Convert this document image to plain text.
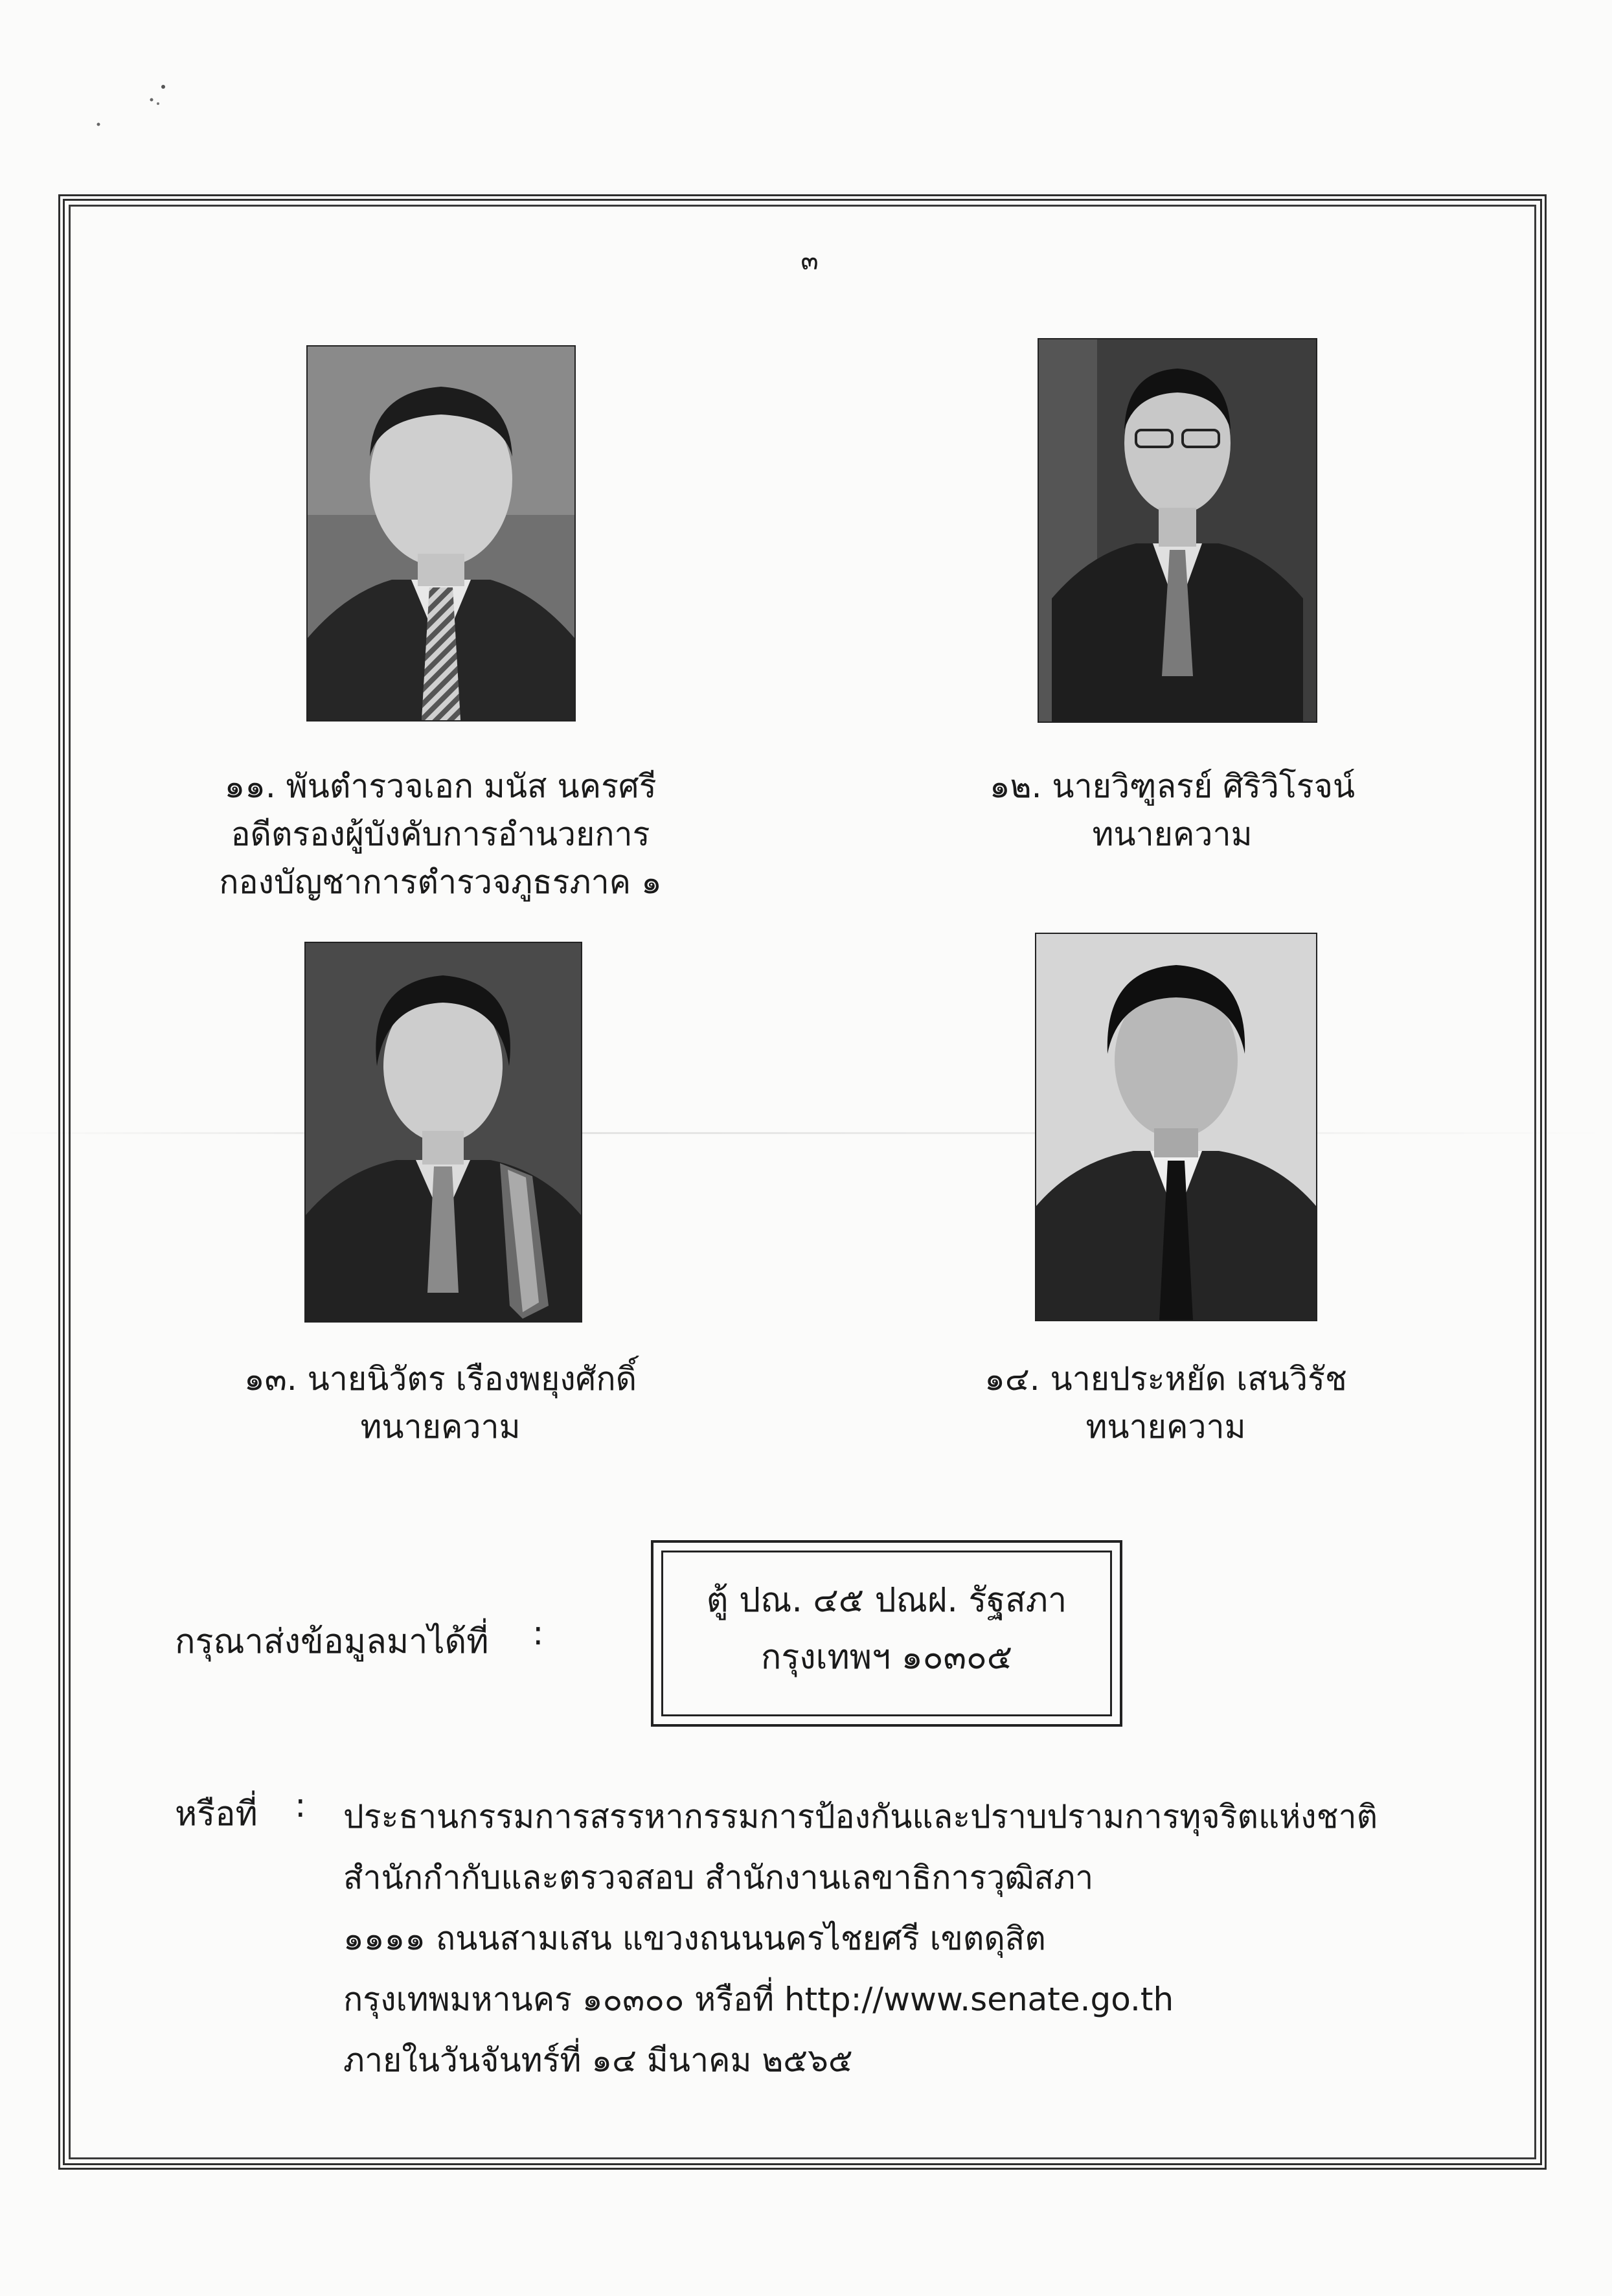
๓
๑๑. พันตำรวจเอก มนัส นครศรี
อดีตรองผู้บังคับการอำนวยการ
กองบัญชาการตำรวจภูธรภาค ๑
๑๒. นายวิฑูลรย์ ศิริวิโรจน์
ทนายความ
๑๓. นายนิวัตร เรืองพยุงศักดิ์
ทนายความ
๑๔. นายประหยัด เสนวิรัช
ทนายความ
กรุณาส่งข้อมูลมาได้ที่ :
ตู้ ปณ. ๔๕ ปณฝ. รัฐสภา
กรุงเทพฯ ๑๐๓๐๕
หรือที่ : ประธานกรรมการสรรหากรรมการป้องกันและปราบปรามการทุจริตแห่งชาติ
สำนักกำกับและตรวจสอบ สำนักงานเลขาธิการวุฒิสภา
๑๑๑๑ ถนนสามเสน แขวงถนนนครไชยศรี เขตดุสิต
กรุงเทพมหานคร ๑๐๓๐๐ หรือที่ http://www.senate.go.th
ภายในวันจันทร์ที่ ๑๔ มีนาคม ๒๕๖๕
